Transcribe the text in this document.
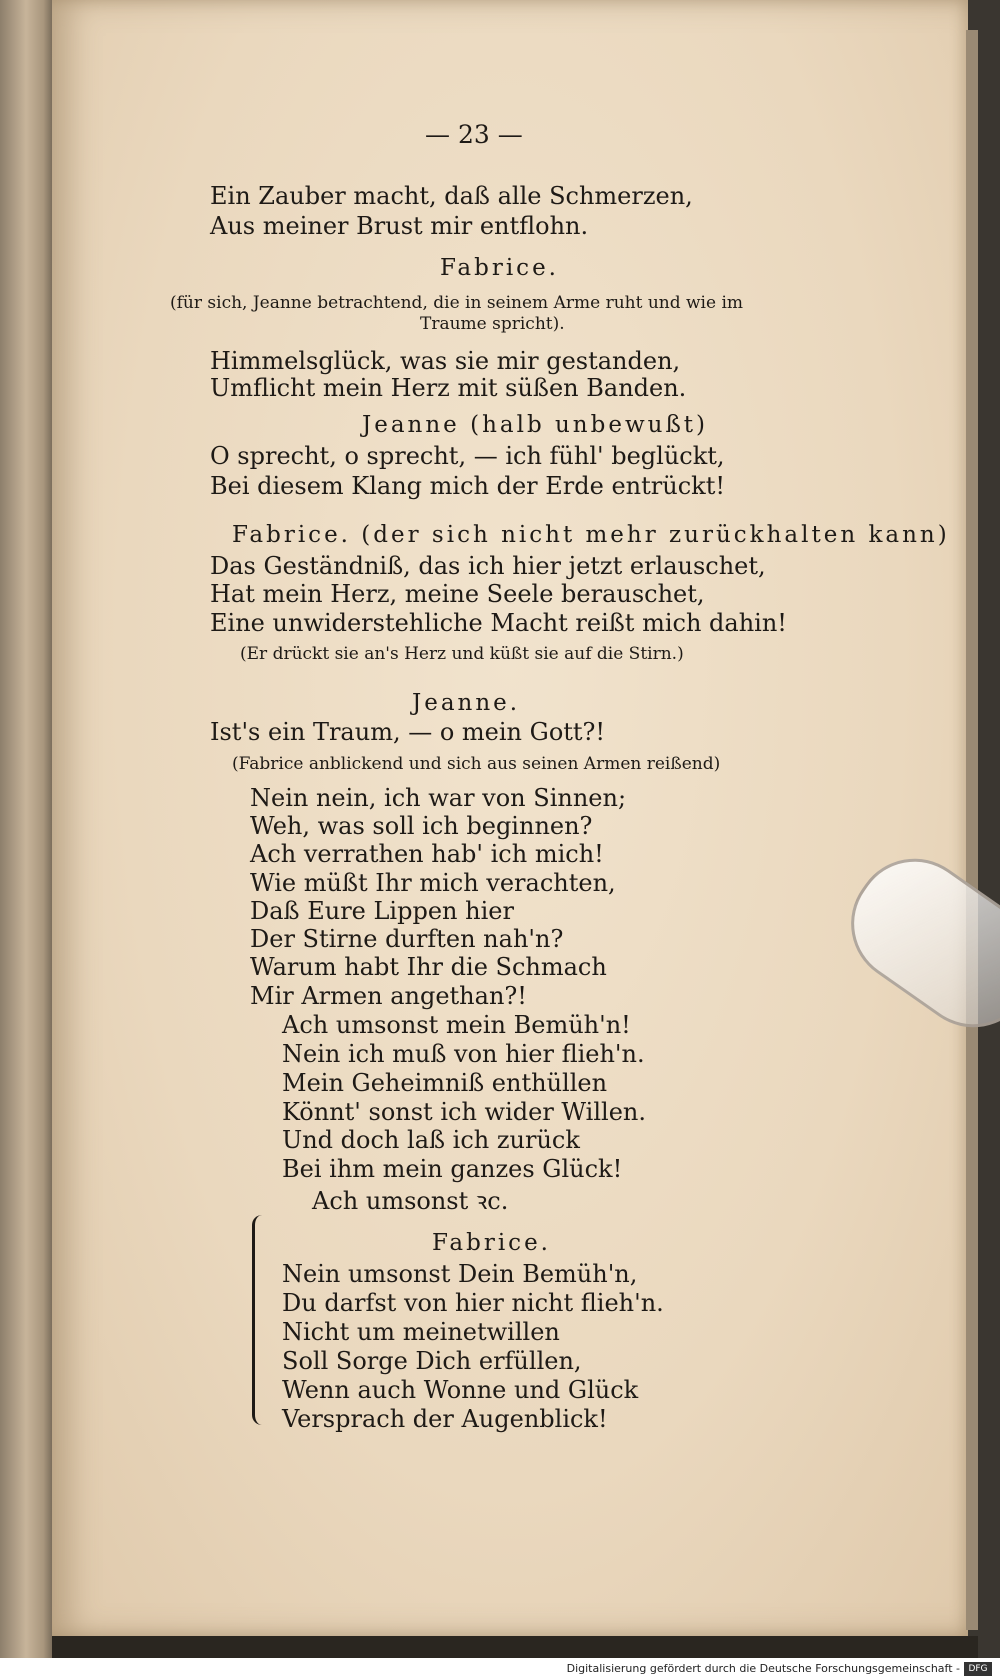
— 23 —
Ein Zauber macht, daß alle Schmerzen,
Aus meiner Brust mir entflohn.
Fabrice.
(für sich, Jeanne betrachtend, die in seinem Arme ruht und wie im
Traume spricht).
Himmelsglück, was sie mir gestanden,
Umflicht mein Herz mit süßen Banden.
Jeanne (halb unbewußt)
O sprecht, o sprecht, — ich fühl' beglückt,
Bei diesem Klang mich der Erde entrückt!
Fabrice. (der sich nicht mehr zurückhalten kann)
Das Geständniß, das ich hier jetzt erlauschet,
Hat mein Herz, meine Seele berauschet,
Eine unwiderstehliche Macht reißt mich dahin!
(Er drückt sie an's Herz und küßt sie auf die Stirn.)
Jeanne.
Ist's ein Traum, — o mein Gott?!
(Fabrice anblickend und sich aus seinen Armen reißend)
Nein nein, ich war von Sinnen;
Weh, was soll ich beginnen?
Ach verrathen hab' ich mich!
Wie müßt Ihr mich verachten,
Daß Eure Lippen hier
Der Stirne durften nah'n?
Warum habt Ihr die Schmach
Mir Armen angethan?!
Ach umsonst mein Bemüh'n!
Nein ich muß von hier flieh'n.
Mein Geheimniß enthüllen
Könnt' sonst ich wider Willen.
Und doch laß ich zurück
Bei ihm mein ganzes Glück!
Ach umsonst ꝛc.
Fabrice.
Nein umsonst Dein Bemüh'n,
Du darfst von hier nicht flieh'n.
Nicht um meinetwillen
Soll Sorge Dich erfüllen,
Wenn auch Wonne und Glück
Versprach der Augenblick!
Digitalisierung gefördert durch die Deutsche Forschungsgemeinschaft - DFG
